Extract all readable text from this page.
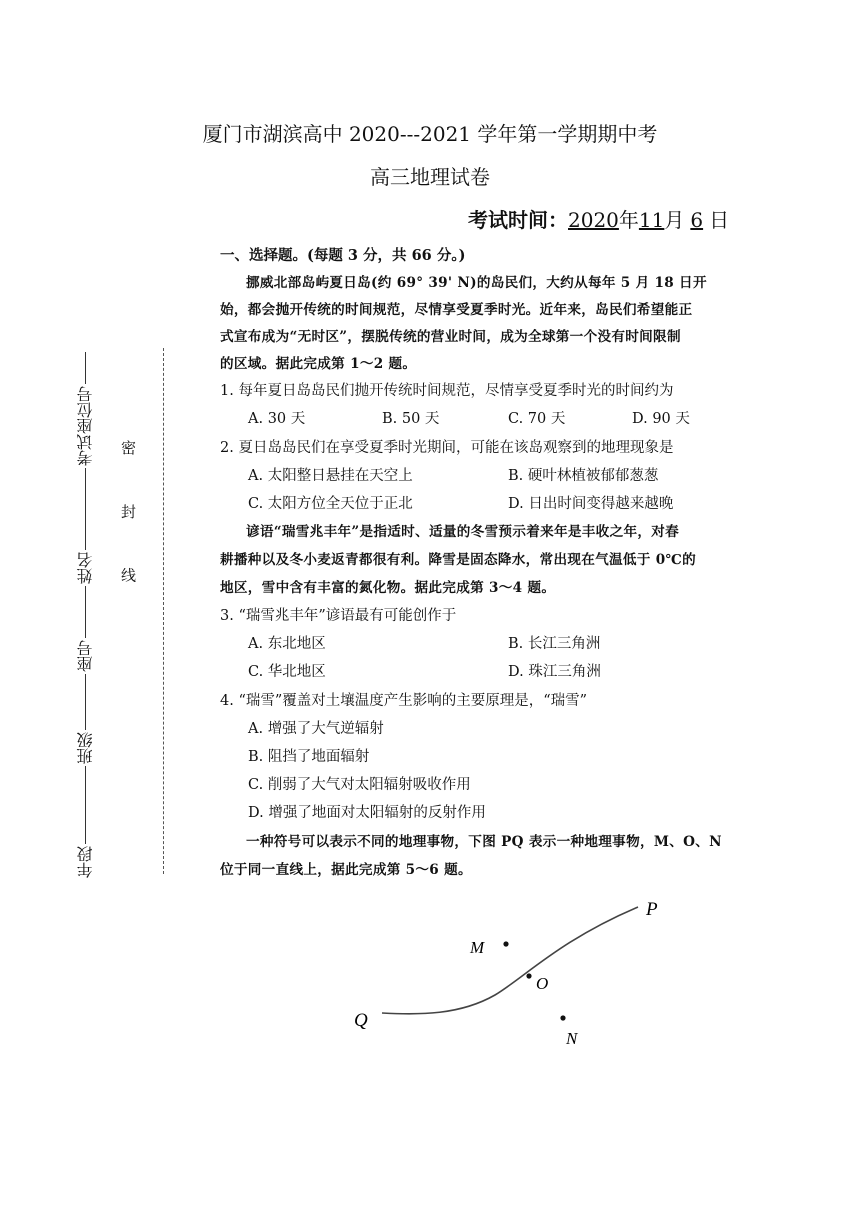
厦门市湖滨高中 2020---2021 学年第一学期期中考
高三地理试卷
考试时间：2020年11月 6 日
年段班级座号姓名考试座位号
密 封 线
一、选择题。(每题 3 分，共 66 分。)
挪威北部岛屿夏日岛(约 69° 39' N)的岛民们，大约从每年 5 月 18 日开
始，都会抛开传统的时间规范，尽情享受夏季时光。近年来，岛民们希望能正
式宣布成为“无时区”，摆脱传统的营业时间，成为全球第一个没有时间限制
的区域。据此完成第 1～2 题。
1. 每年夏日岛岛民们抛开传统时间规范，尽情享受夏季时光的时间约为
A. 30 天	B. 50 天	C. 70 天	D. 90 天
2. 夏日岛岛民们在享受夏季时光期间，可能在该岛观察到的地理现象是
A. 太阳整日悬挂在天空上	B. 硬叶林植被郁郁葱葱
C. 太阳方位全天位于正北	D. 日出时间变得越来越晚
谚语“瑞雪兆丰年”是指适时、适量的冬雪预示着来年是丰收之年，对春
耕播种以及冬小麦返青都很有利。降雪是固态降水，常出现在气温低于 0℃的
地区，雪中含有丰富的氮化物。据此完成第 3～4 题。
3. “瑞雪兆丰年”谚语最有可能创作于
A. 东北地区	B. 长江三角洲
C. 华北地区	D. 珠江三角洲
4. “瑞雪”覆盖对土壤温度产生影响的主要原理是，“瑞雪”
A. 增强了大气逆辐射
B. 阻挡了地面辐射
C. 削弱了大气对太阳辐射吸收作用
D. 增强了地面对太阳辐射的反射作用
一种符号可以表示不同的地理事物，下图 PQ 表示一种地理事物，M、O、N
位于同一直线上，据此完成第 5～6 题。
P
Q
M
O
N
